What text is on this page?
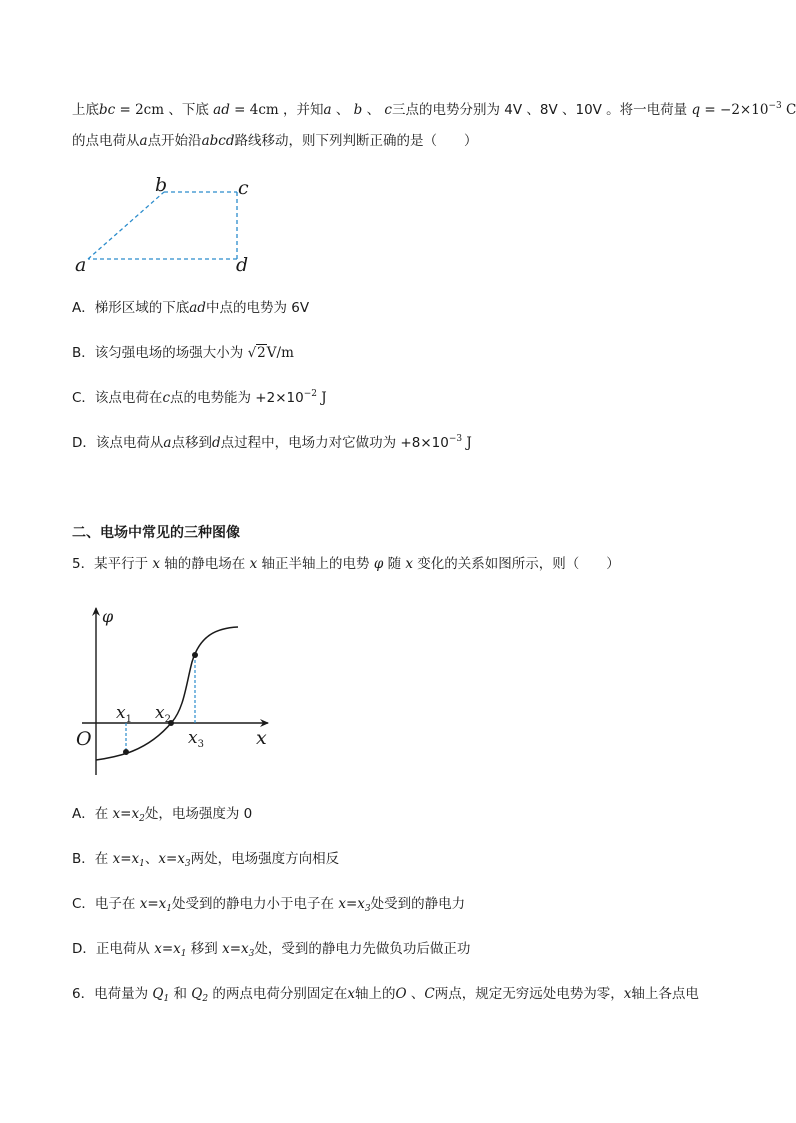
上底bc = 2cm 、下底 ad = 4cm ，并知a 、 b 、 c三点的电势分别为 4V 、8V 、10V 。将一电荷量 $q = -2\times 10^{-3}$ C
的点电荷从a点开始沿abcd路线移动，则下列判断正确的是（　　）
a
b	c
d
A．梯形区域的下底ad中点的电势为 6V
B．该匀强电场的场强大小为 √2V/m
C．该点电荷在c点的电势能为 $+2\times 10^{-2}$ J
D．该点电荷从a点移到d点过程中，电场力对它做功为 $+8\times 10^{-3}$ J
二、电场中常见的三种图像
5．某平行于 x 轴的静电场在 x 轴正半轴上的电势 φ 随 x 变化的关系如图所示，则（　　）
φ
x
O
$x_1$ $x_2$
$x_3$
A．在 $x=x_2$处，电场强度为 0
B．在 $x=x_1$、$x=x_3$两处，电场强度方向相反
C．电子在 $x=x_1$处受到的静电力小于电子在 $x=x_3$处受到的静电力
D．正电荷从 $x=x_1$ 移到 $x=x_3$处，受到的静电力先做负功后做正功
6．电荷量为 $Q_1$ 和 $Q_2$ 的两点电荷分别固定在x轴上的O 、C两点，规定无穷远处电势为零，x轴上各点电
